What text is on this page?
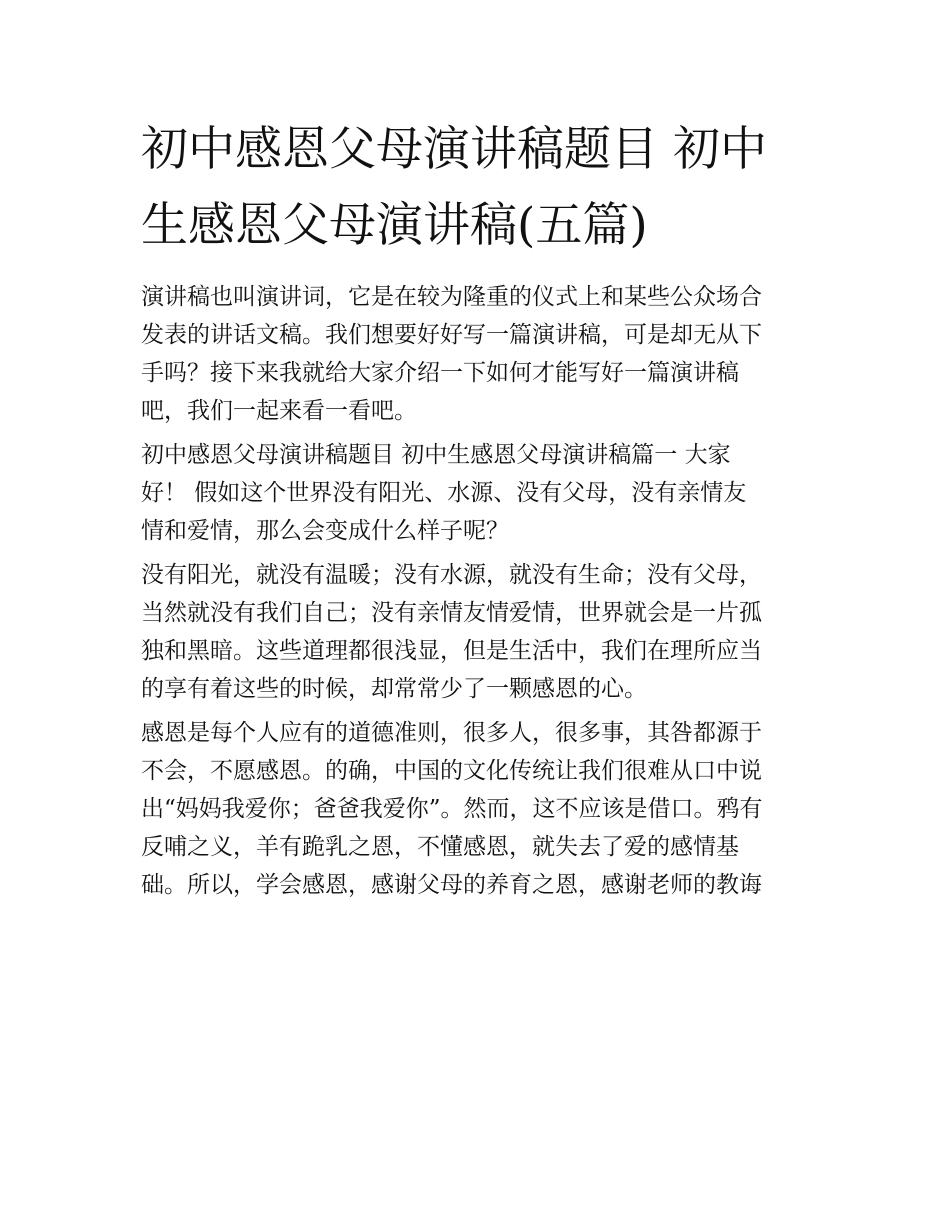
初中感恩父母演讲稿题目 初中
生感恩父母演讲稿(五篇)

演讲稿也叫演讲词，它是在较为隆重的仪式上和某些公众场合
发表的讲话文稿。我们想要好好写一篇演讲稿，可是却无从下
手吗？接下来我就给大家介绍一下如何才能写好一篇演讲稿
吧，我们一起来看一看吧。

初中感恩父母演讲稿题目 初中生感恩父母演讲稿篇一 大家
好！ 假如这个世界没有阳光、水源、没有父母，没有亲情友
情和爱情，那么会变成什么样子呢？

没有阳光，就没有温暖；没有水源，就没有生命；没有父母，
当然就没有我们自己；没有亲情友情爱情，世界就会是一片孤
独和黑暗。这些道理都很浅显，但是生活中，我们在理所应当
的享有着这些的时候，却常常少了一颗感恩的心。

感恩是每个人应有的道德准则，很多人，很多事，其咎都源于
不会，不愿感恩。的确，中国的文化传统让我们很难从口中说
出“妈妈我爱你；爸爸我爱你”。然而，这不应该是借口。鸦有
反哺之义，羊有跪乳之恩，不懂感恩，就失去了爱的感情基
础。所以，学会感恩，感谢父母的养育之恩，感谢老师的教诲
